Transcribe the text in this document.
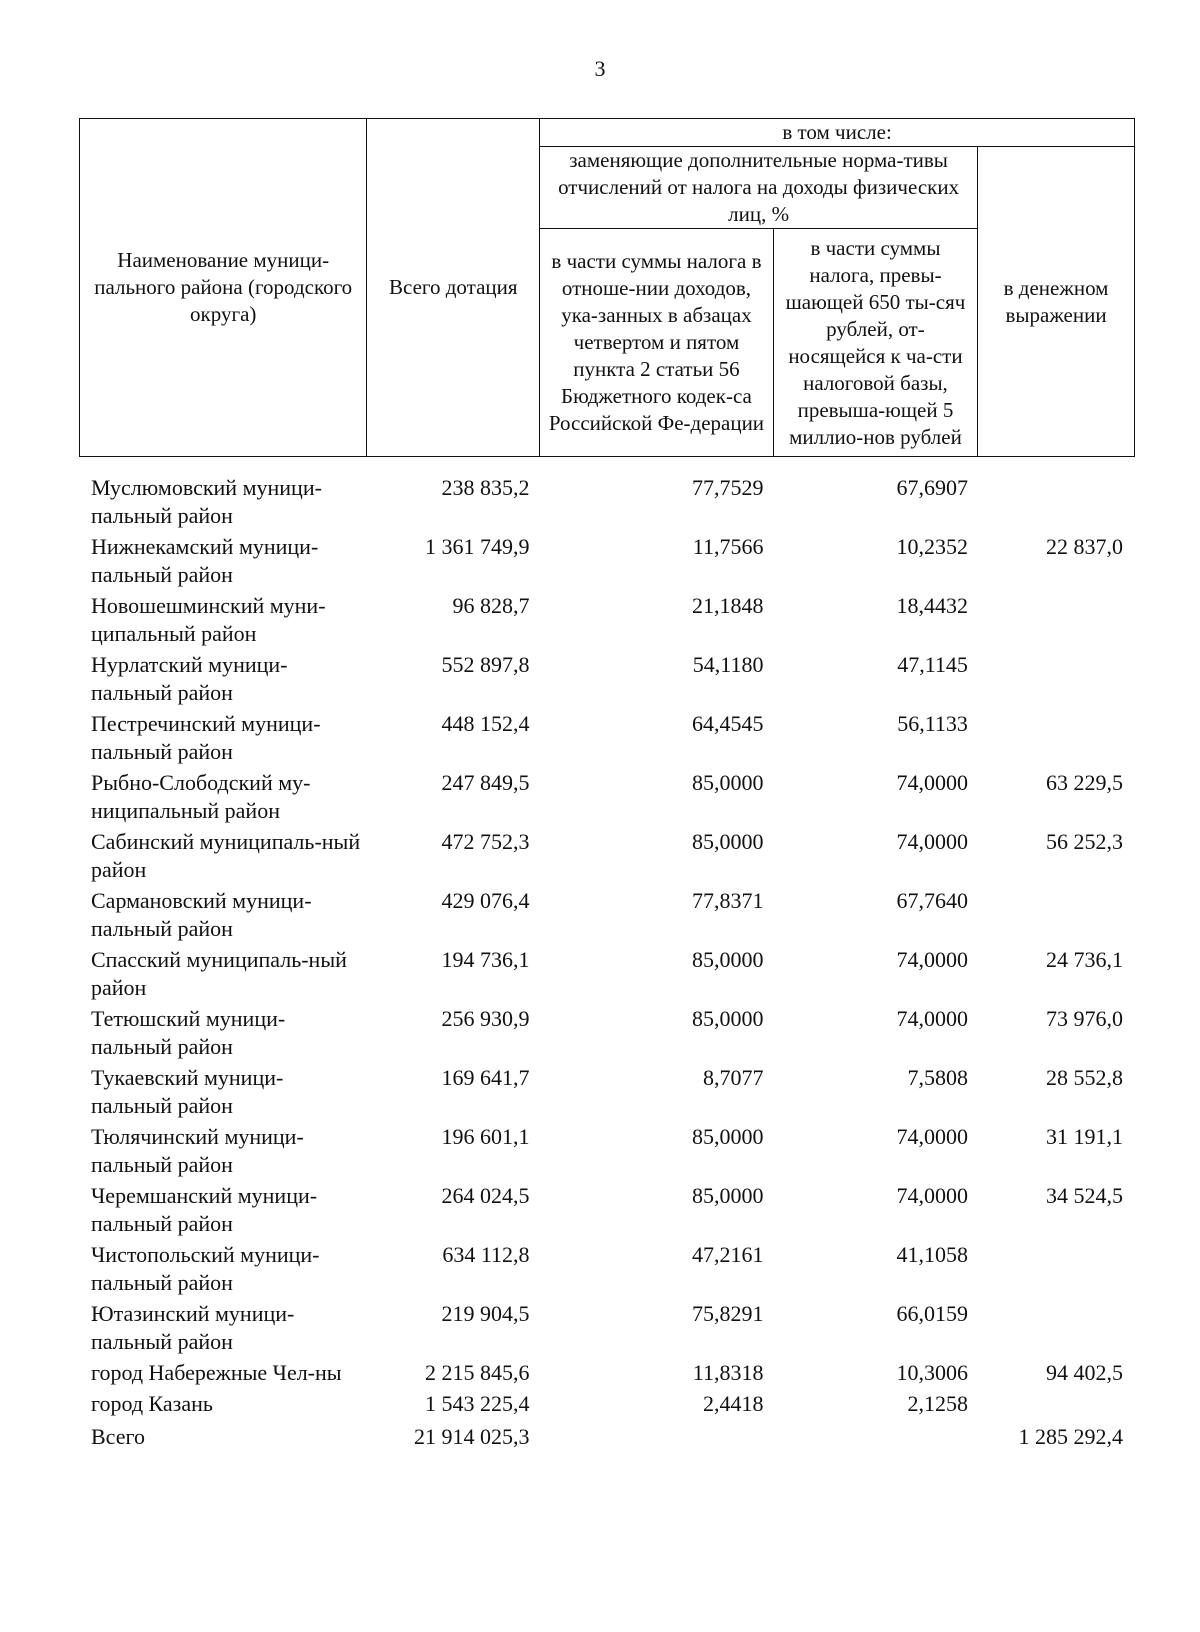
3
Наименование муници-пального района (городского округа)	Всего дотация	в том числе:		
		заменяющие дополнительные норма-тивы отчислений от налога на доходы физических лиц, %		в денежном выражении
		в части суммы налога в отноше-нии доходов, ука-занных в абзацах четвертом и пятом пункта 2 статьи 56 Бюджетного кодек-са Российской Фе-дерации	в части суммы налога, превы-шающей 650 ты-сяч рублей, от-носящейся к ча-сти налоговой базы, превыша-ющей 5 миллио-нов рублей	
Муслюмовский муници-пальный район	238 835,2	77,7529	67,6907	
Нижнекамский муници-пальный район	1 361 749,9	11,7566	10,2352	22 837,0
Новошешминский муни-ципальный район	96 828,7	21,1848	18,4432	
Нурлатский муници-пальный район	552 897,8	54,1180	47,1145	
Пестречинский муници-пальный район	448 152,4	64,4545	56,1133	
Рыбно-Слободский му-ниципальный район	247 849,5	85,0000	74,0000	63 229,5
Сабинский муниципаль-ный район	472 752,3	85,0000	74,0000	56 252,3
Сармановский муници-пальный район	429 076,4	77,8371	67,7640	
Спасский муниципаль-ный район	194 736,1	85,0000	74,0000	24 736,1
Тетюшский муници-пальный район	256 930,9	85,0000	74,0000	73 976,0
Тукаевский муници-пальный район	169 641,7	8,7077	7,5808	28 552,8
Тюлячинский муници-пальный район	196 601,1	85,0000	74,0000	31 191,1
Черемшанский муници-пальный район	264 024,5	85,0000	74,0000	34 524,5
Чистопольский муници-пальный район	634 112,8	47,2161	41,1058	
Ютазинский муници-пальный район	219 904,5	75,8291	66,0159	
город Набережные Чел-ны	2 215 845,6	11,8318	10,3006	94 402,5
город Казань	1 543 225,4	2,4418	2,1258	
Всего	21 914 025,3			1 285 292,4
